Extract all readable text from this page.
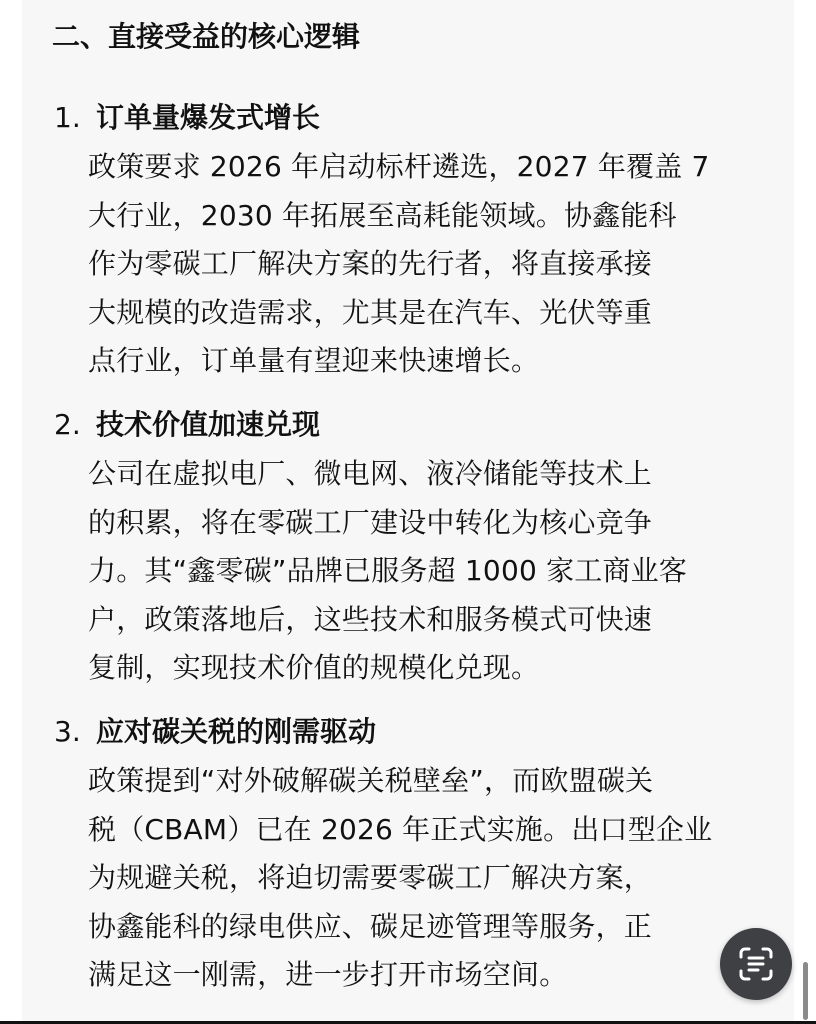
二、直接受益的核心逻辑
1. 订单量爆发式增长
政策要求 2026 年启动标杆遴选，2027 年覆盖 7
大行业，2030 年拓展至高耗能领域。协鑫能科
作为零碳工厂解决方案的先行者，将直接承接
大规模的改造需求，尤其是在汽车、光伏等重
点行业，订单量有望迎来快速增长。
2. 技术价值加速兑现
公司在虚拟电厂、微电网、液冷储能等技术上
的积累，将在零碳工厂建设中转化为核心竞争
力。其“鑫零碳”品牌已服务超 1000 家工商业客
户，政策落地后，这些技术和服务模式可快速
复制，实现技术价值的规模化兑现。
3. 应对碳关税的刚需驱动
政策提到“对外破解碳关税壁垒”，而欧盟碳关
税（CBAM）已在 2026 年正式实施。出口型企业
为规避关税，将迫切需要零碳工厂解决方案，
协鑫能科的绿电供应、碳足迹管理等服务，正
满足这一刚需，进一步打开市场空间。
